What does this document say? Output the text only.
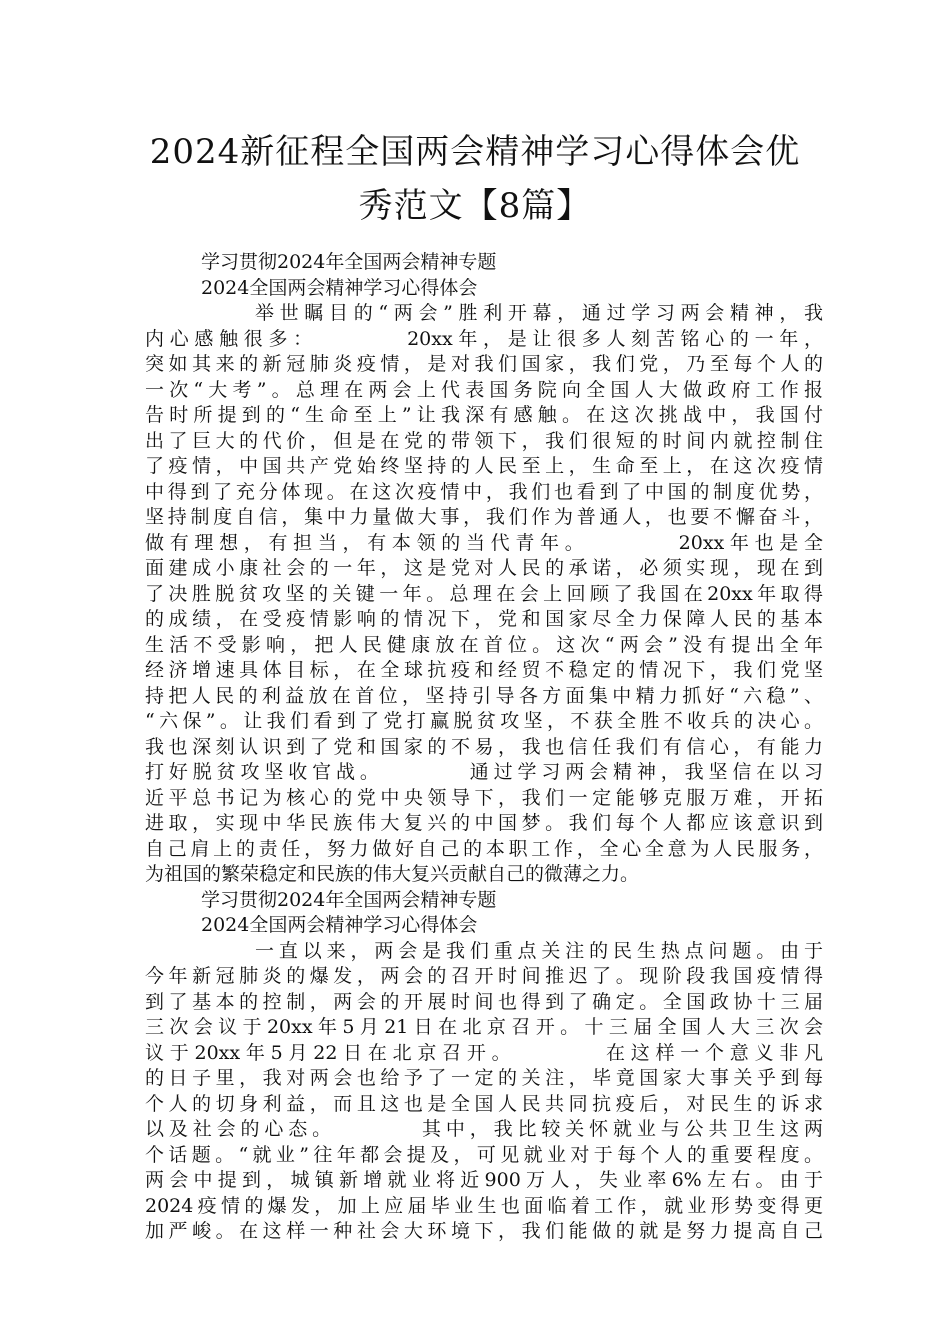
2024新征程全国两会精神学习心得体会优
秀范文【8篇】
学习贯彻2024年全国两会精神专题
2024全国两会精神学习心得体会
举世瞩目的“两会”胜利开幕，通过学习两会精神，我
内心感触很多：　　　　20xx年，是让很多人刻苦铭心的一年，
突如其来的新冠肺炎疫情，是对我们国家，我们党，乃至每个人的
一次“大考”。总理在两会上代表国务院向全国人大做政府工作报
告时所提到的“生命至上”让我深有感触。在这次挑战中，我国付
出了巨大的代价，但是在党的带领下，我们很短的时间内就控制住
了疫情，中国共产党始终坚持的人民至上，生命至上，在这次疫情
中得到了充分体现。在这次疫情中，我们也看到了中国的制度优势，
坚持制度自信，集中力量做大事，我们作为普通人，也要不懈奋斗，
做有理想，有担当，有本领的当代青年。　　　　20xx年也是全
面建成小康社会的一年，这是党对人民的承诺，必须实现，现在到
了决胜脱贫攻坚的关键一年。总理在会上回顾了我国在20xx年取得
的成绩，在受疫情影响的情况下，党和国家尽全力保障人民的基本
生活不受影响，把人民健康放在首位。这次“两会”没有提出全年
经济增速具体目标，在全球抗疫和经贸不稳定的情况下，我们党坚
持把人民的利益放在首位，坚持引导各方面集中精力抓好“六稳”、
“六保”。让我们看到了党打赢脱贫攻坚，不获全胜不收兵的决心。
我也深刻认识到了党和国家的不易，我也信任我们有信心，有能力
打好脱贫攻坚收官战。　　　　通过学习两会精神，我坚信在以习
近平总书记为核心的党中央领导下，我们一定能够克服万难，开拓
进取，实现中华民族伟大复兴的中国梦。我们每个人都应该意识到
自己肩上的责任，努力做好自己的本职工作，全心全意为人民服务，
为祖国的繁荣稳定和民族的伟大复兴贡献自己的微薄之力。
学习贯彻2024年全国两会精神专题
2024全国两会精神学习心得体会
一直以来，两会是我们重点关注的民生热点问题。由于
今年新冠肺炎的爆发，两会的召开时间推迟了。现阶段我国疫情得
到了基本的控制，两会的开展时间也得到了确定。全国政协十三届
三次会议于20xx年5月21日在北京召开。十三届全国人大三次会
议于20xx年5月22日在北京召开。　　　　在这样一个意义非凡
的日子里，我对两会也给予了一定的关注，毕竟国家大事关乎到每
个人的切身利益，而且这也是全国人民共同抗疫后，对民生的诉求
以及社会的心态。　　　　其中，我比较关怀就业与公共卫生这两
个话题。“就业”往年都会提及，可见就业对于每个人的重要程度。
两会中提到，城镇新增就业将近900万人，失业率6%左右。由于
2024疫情的爆发，加上应届毕业生也面临着工作，就业形势变得更
加严峻。在这样一种社会大环境下，我们能做的就是努力提高自己
